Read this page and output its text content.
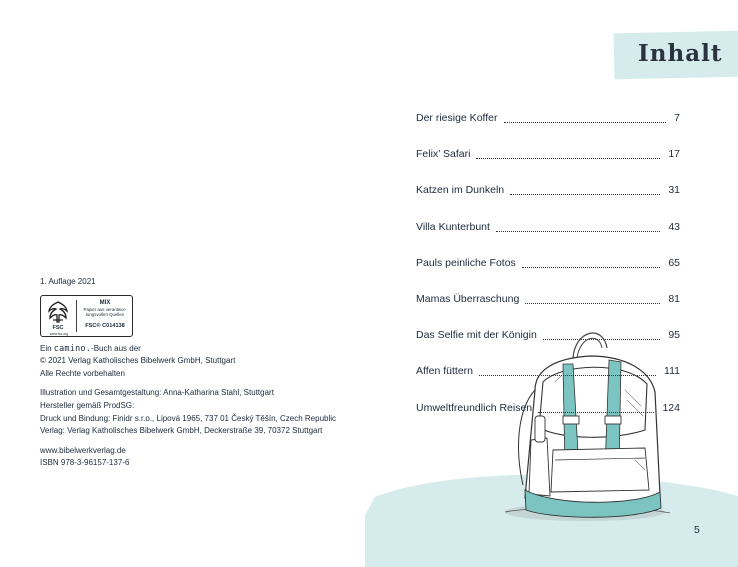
1. Auflage 2021
FSC
www.fsc.org
MIX
Papier aus verantwor-
tungsvollen Quellen
FSC® C014138
Ein camino.-Buch aus der
© 2021 Verlag Katholisches Bibelwerk GmbH, Stuttgart
Alle Rechte vorbehalten
Illustration und Gesamtgestaltung: Anna-Katharina Stahl, Stuttgart
Hersteller gemäß ProdSG:
Druck und Bindung: Finidr s.r.o., Lipová 1965, 737 01 Český Těšín, Czech Republic
Verlag: Verlag Katholisches Bibelwerk GmbH, Deckerstraße 39, 70372 Stuttgart
www.bibelwerkverlag.de
ISBN 978-3-96157-137-6
Inhalt
Der riesige Koffer	7
Felix’ Safari	17
Katzen im Dunkeln	31
Villa Kunterbunt	43
Pauls peinliche Fotos	65
Mamas Überraschung	81
Das Selfie mit der Königin	95
Affen füttern	111
Umweltfreundlich Reisen	124
5
